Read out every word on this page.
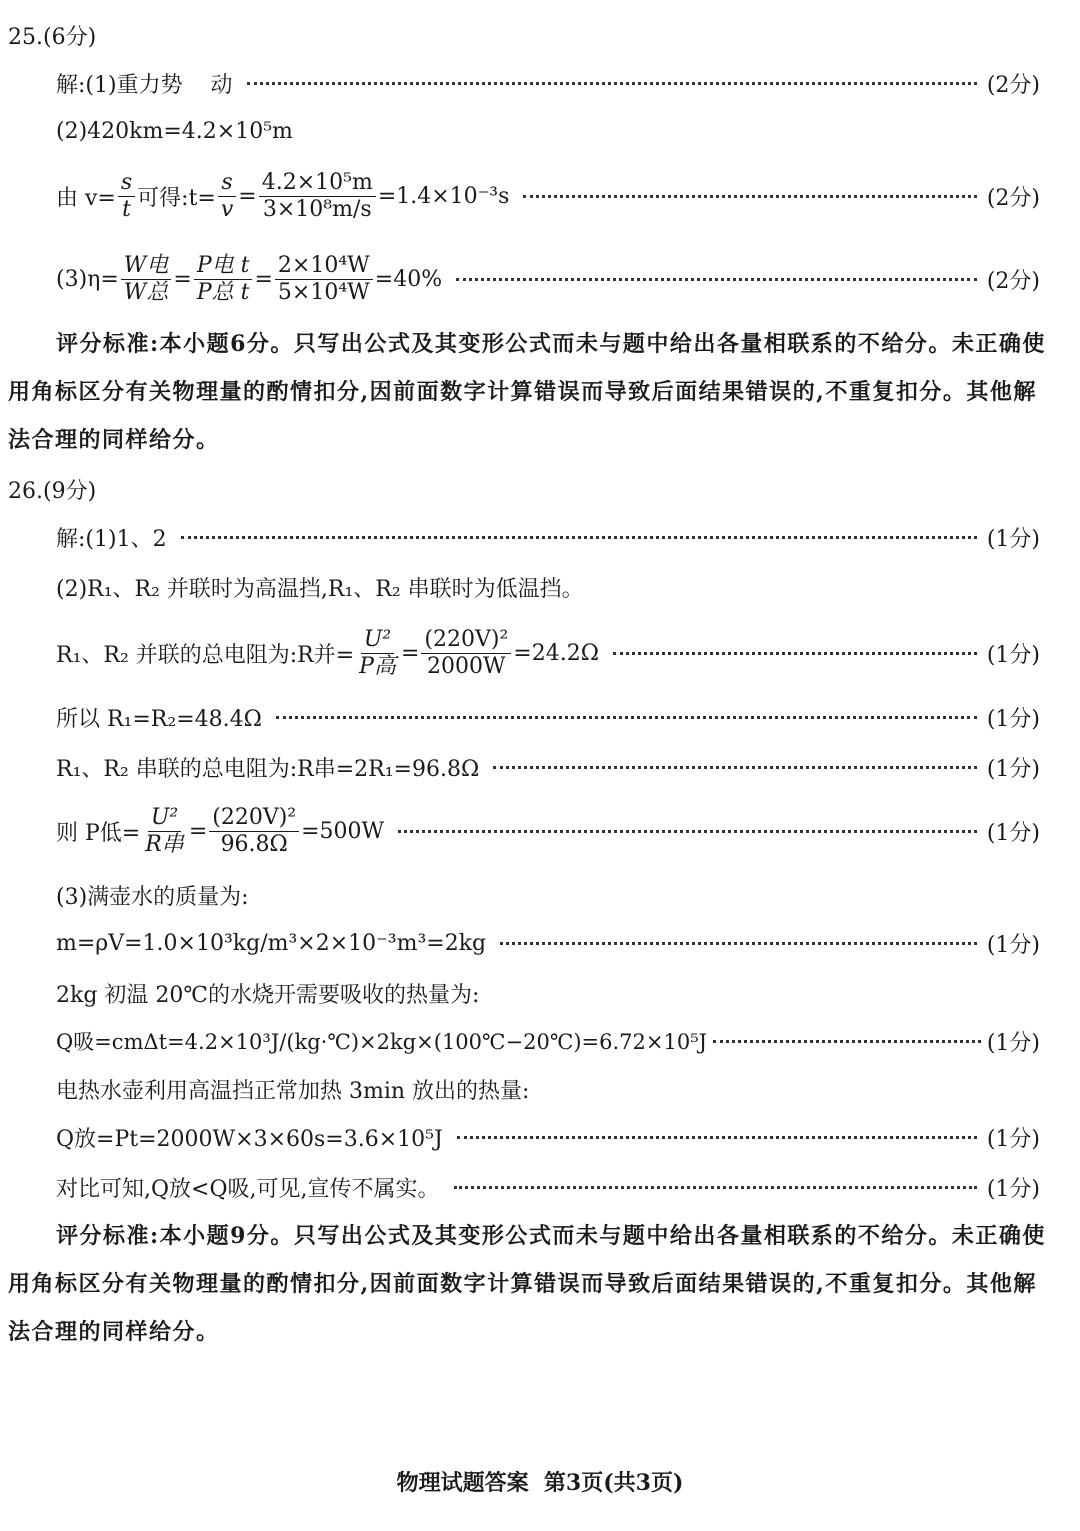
25.(6分)
解:(1)重力势    动	(2分)
(2)420km=4.2×10⁵m
由 $v= \frac{s}{t}$ 可得:t= $\frac{s}{v} = \frac{\text{4.2×10⁵m}}{\text{3×10⁸m/s}} =1.4\times 10^{-3}s$	(2分)
$(3)\eta= \frac{\text{W电}}{\text{W总}} = \frac{\text{P电 t}}{\text{P总 t}} = \frac{\text{2×10⁴W}}{\text{5×10⁴W}} =40\%$	(2分)
评分标准:本小题6分。只写出公式及其变形公式而未与题中给出各量相联系的不给分。未正确使用角标区分有关物理量的酌情扣分,因前面数字计算错误而导致后面结果错误的,不重复扣分。其他解法合理的同样给分。
26.(9分)
解:(1)1、2	(1分)
(2)R₁、R₂ 并联时为高温挡,R₁、R₂ 串联时为低温挡。
R₁、R₂ 并联的总电阻为:R并= $\frac{\text{U²}}{\text{P高}} = \frac{\text{(220V)²}}{2000W} =24.2\Omega$	(1分)
所以 R₁=R₂=48.4Ω	(1分)
R₁、R₂ 串联的总电阻为:R串=2R₁=96.8Ω	(1分)
则 P低= $\frac{\text{U²}}{\text{R串}} = \frac{\text{(220V)²}}{96.8\Omega} =500W$	(1分)
(3)满壶水的质量为:
m=ρV=1.0×10³kg/m³×2×10⁻³m³=2kg	(1分)
2kg 初温 20℃的水烧开需要吸收的热量为:
Q吸=cmΔt=4.2×10³J/(kg·℃)×2kg×(100℃−20℃)=6.72×10⁵J	(1分)
电热水壶利用高温挡正常加热 3min 放出的热量:
Q放=Pt=2000W×3×60s=3.6×10⁵J	(1分)
对比可知,Q放<Q吸,可见,宣传不属实。	(1分)
评分标准:本小题9分。只写出公式及其变形公式而未与题中给出各量相联系的不给分。未正确使用角标区分有关物理量的酌情扣分,因前面数字计算错误而导致后面结果错误的,不重复扣分。其他解法合理的同样给分。
物理试题答案  第3页(共3页)
